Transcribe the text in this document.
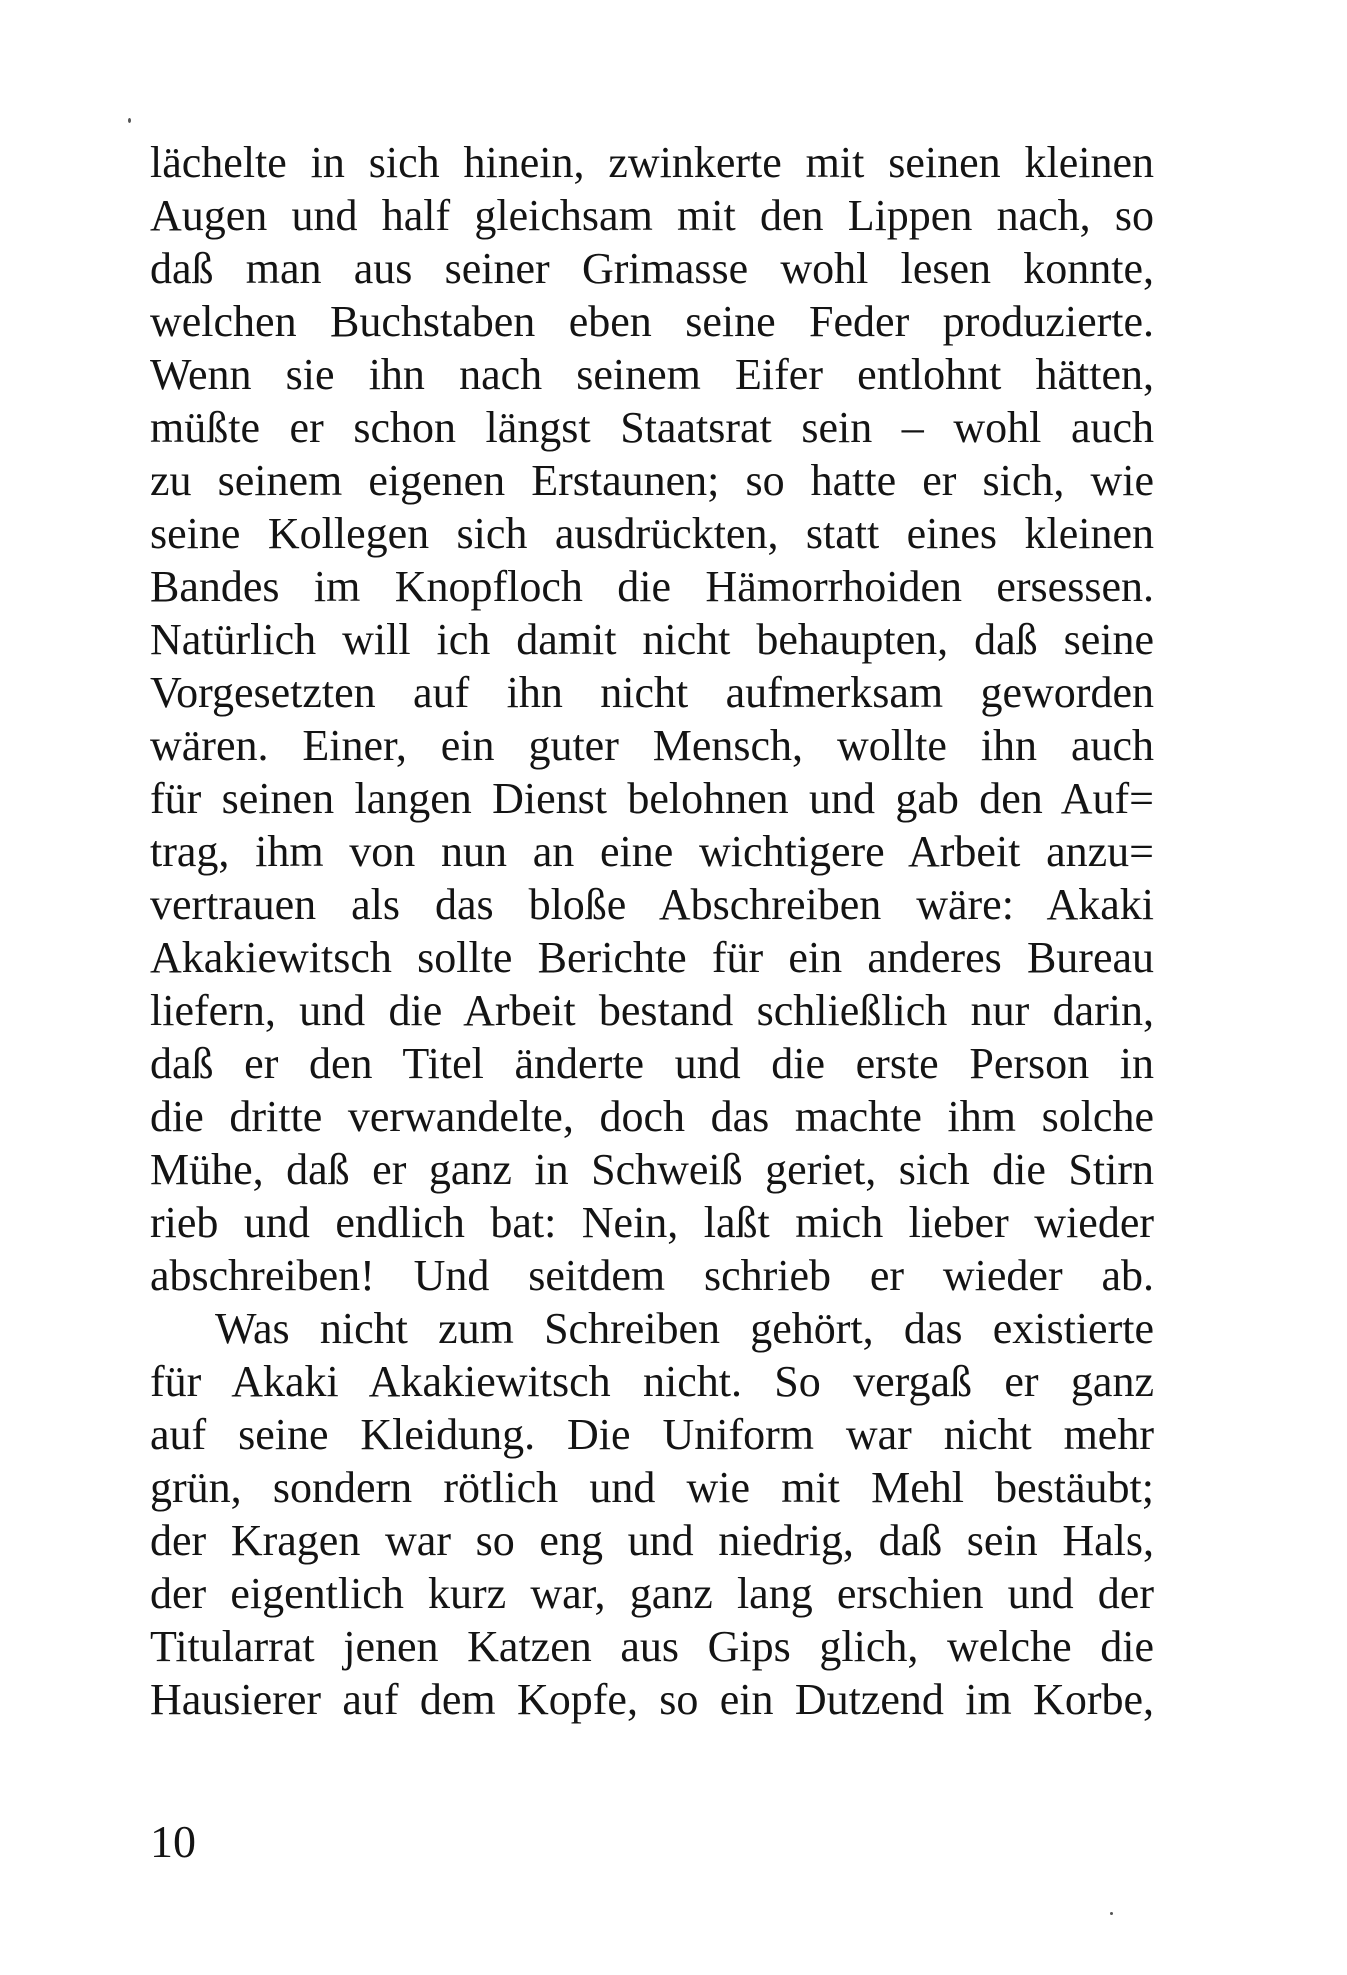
lächelte in sich hinein, zwinkerte mit seinen kleinen
Augen und half gleichsam mit den Lippen nach, so
daß man aus seiner Grimasse wohl lesen konnte,
welchen Buchstaben eben seine Feder produzierte.
Wenn sie ihn nach seinem Eifer entlohnt hätten,
müßte er schon längst Staatsrat sein – wohl auch
zu seinem eigenen Erstaunen; so hatte er sich, wie
seine Kollegen sich ausdrückten, statt eines kleinen
Bandes im Knopfloch die Hämorrhoiden ersessen.
Natürlich will ich damit nicht behaupten, daß seine
Vorgesetzten auf ihn nicht aufmerksam geworden
wären. Einer, ein guter Mensch, wollte ihn auch
für seinen langen Dienst belohnen und gab den Auf=
trag, ihm von nun an eine wichtigere Arbeit anzu=
vertrauen als das bloße Abschreiben wäre: Akaki
Akakiewitsch sollte Berichte für ein anderes Bureau
liefern, und die Arbeit bestand schließlich nur darin,
daß er den Titel änderte und die erste Person in
die dritte verwandelte, doch das machte ihm solche
Mühe, daß er ganz in Schweiß geriet, sich die Stirn
rieb und endlich bat: Nein, laßt mich lieber wieder
abschreiben! Und seitdem schrieb er wieder ab.
Was nicht zum Schreiben gehört, das existierte
für Akaki Akakiewitsch nicht. So vergaß er ganz
auf seine Kleidung. Die Uniform war nicht mehr
grün, sondern rötlich und wie mit Mehl bestäubt;
der Kragen war so eng und niedrig, daß sein Hals,
der eigentlich kurz war, ganz lang erschien und der
Titularrat jenen Katzen aus Gips glich, welche die
Hausierer auf dem Kopfe, so ein Dutzend im Korbe,
10
